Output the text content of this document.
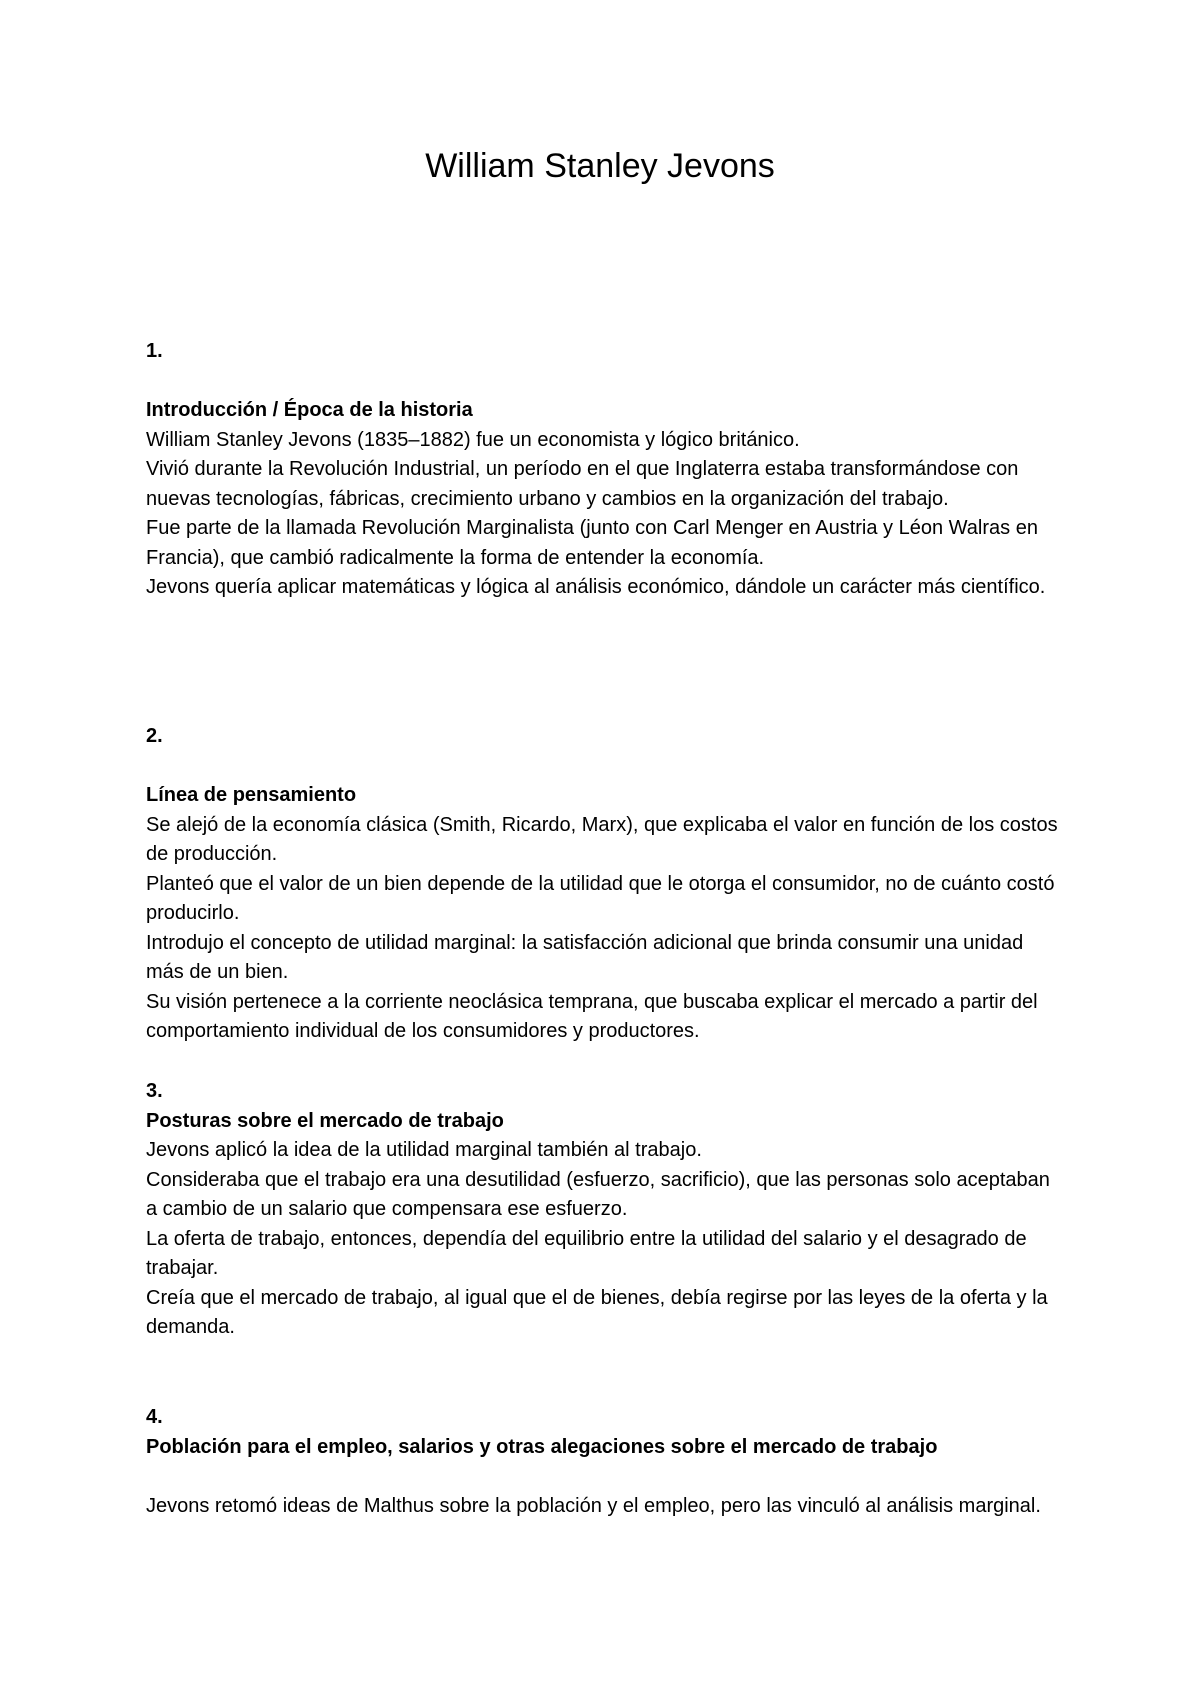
William Stanley Jevons

1.

Introducción / Época de la historia

William Stanley Jevons (1835–1882) fue un economista y lógico británico.

Vivió durante la Revolución Industrial, un período en el que Inglaterra estaba transformándose con nuevas tecnologías, fábricas, crecimiento urbano y cambios en la organización del trabajo.

Fue parte de la llamada Revolución Marginalista (junto con Carl Menger en Austria y Léon Walras en Francia), que cambió radicalmente la forma de entender la economía.

Jevons quería aplicar matemáticas y lógica al análisis económico, dándole un carácter más científico.

2.

Línea de pensamiento

Se alejó de la economía clásica (Smith, Ricardo, Marx), que explicaba el valor en función de los costos de producción.

Planteó que el valor de un bien depende de la utilidad que le otorga el consumidor, no de cuánto costó producirlo.

Introdujo el concepto de utilidad marginal: la satisfacción adicional que brinda consumir una unidad más de un bien.

Su visión pertenece a la corriente neoclásica temprana, que buscaba explicar el mercado a partir del comportamiento individual de los consumidores y productores.

3.

Posturas sobre el mercado de trabajo

Jevons aplicó la idea de la utilidad marginal también al trabajo.

Consideraba que el trabajo era una desutilidad (esfuerzo, sacrificio), que las personas solo aceptaban a cambio de un salario que compensara ese esfuerzo.

La oferta de trabajo, entonces, dependía del equilibrio entre la utilidad del salario y el desagrado de trabajar.

Creía que el mercado de trabajo, al igual que el de bienes, debía regirse por las leyes de la oferta y la demanda.

4.

Población para el empleo, salarios y otras alegaciones sobre el mercado de trabajo

Jevons retomó ideas de Malthus sobre la población y el empleo, pero las vinculó al análisis marginal.
